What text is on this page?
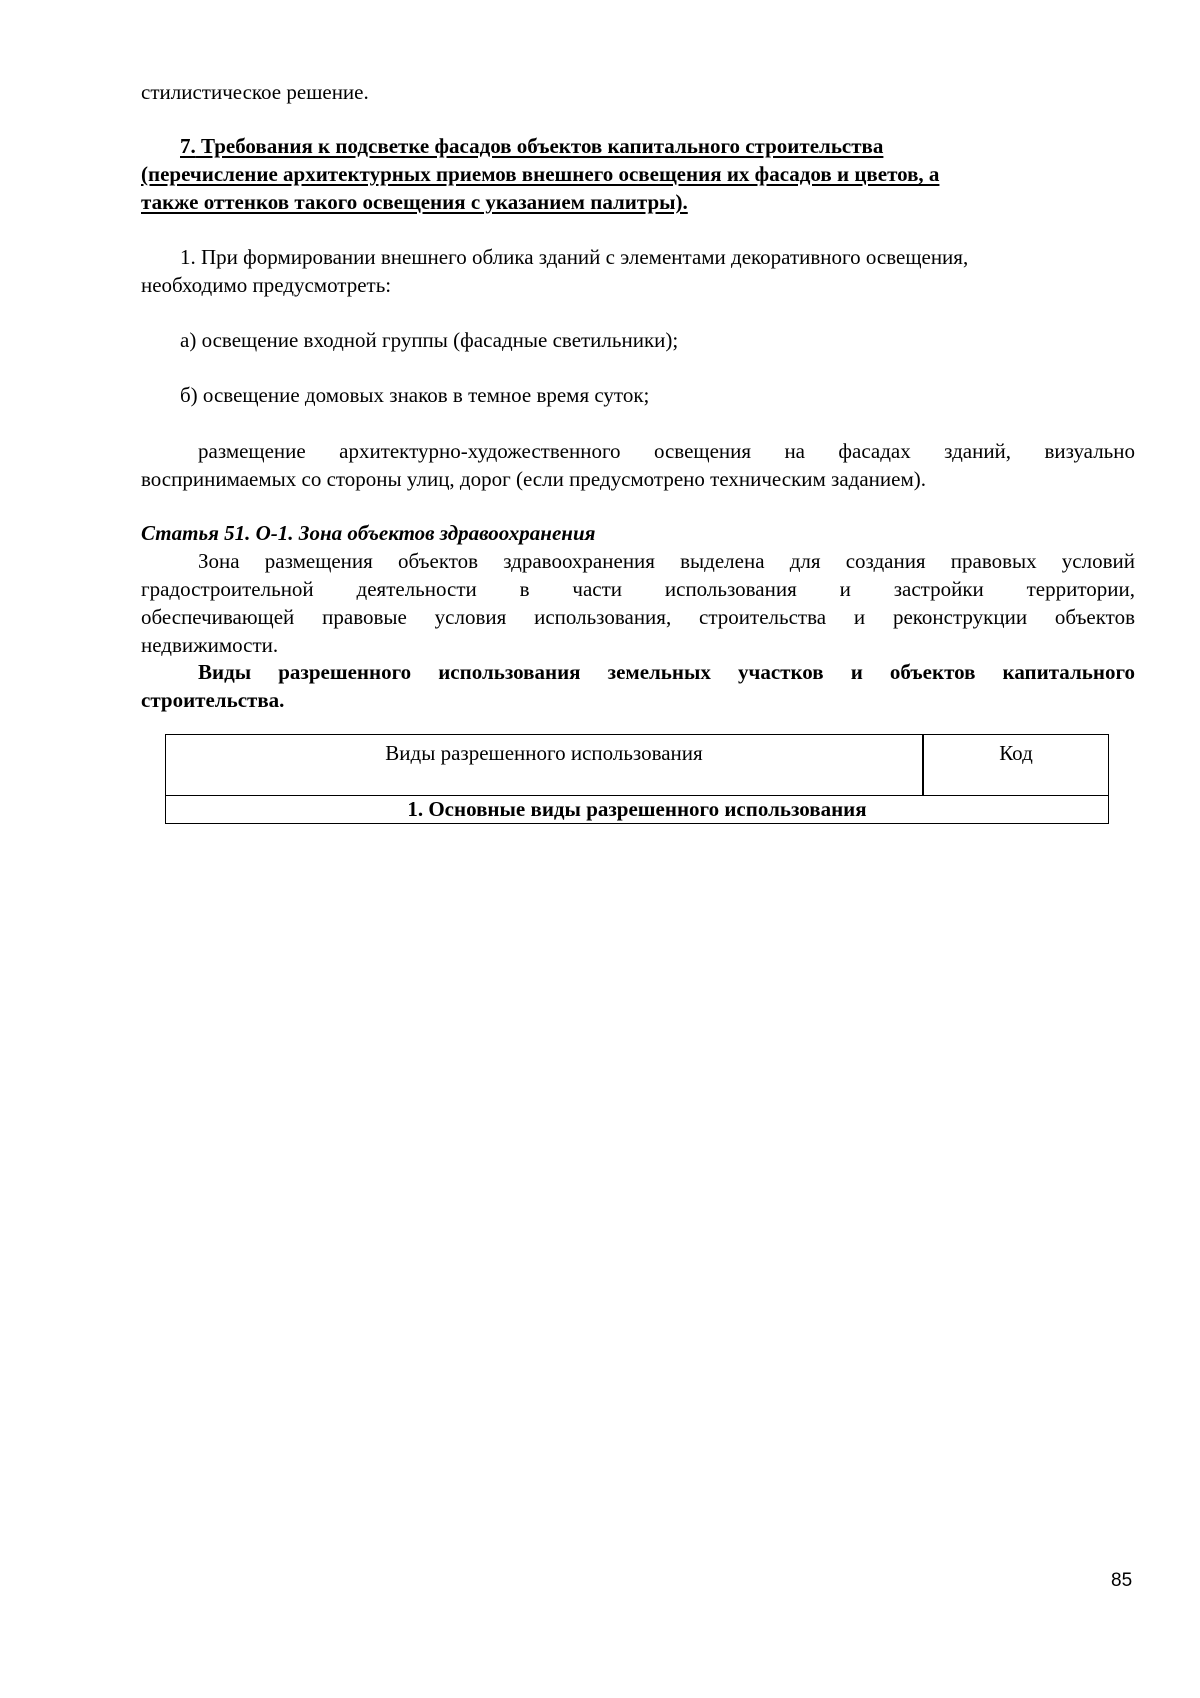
стилистическое решение.
7. Требования к подсветке фасадов объектов капитального строительства
(перечисление архитектурных приемов внешнего освещения их фасадов и цветов, а
также оттенков такого освещения с указанием палитры).
1. При формировании внешнего облика зданий с элементами декоративного освещения,
необходимо предусмотреть:
а) освещение входной группы (фасадные светильники);
б) освещение домовых знаков в темное время суток;
размещение архитектурно-художественного освещения на фасадах зданий, визуально
воспринимаемых со стороны улиц, дорог (если предусмотрено техническим заданием).
Статья 51. О-1. Зона объектов здравоохранения
Зона размещения объектов здравоохранения выделена для создания правовых условий
градостроительной деятельности в части использования и застройки территории,
обеспечивающей правовые условия использования, строительства и реконструкции объектов
недвижимости.
Виды разрешенного использования земельных участков и объектов капитального
строительства.
Виды разрешенного использования	Код
1. Основные виды разрешенного использования
85
